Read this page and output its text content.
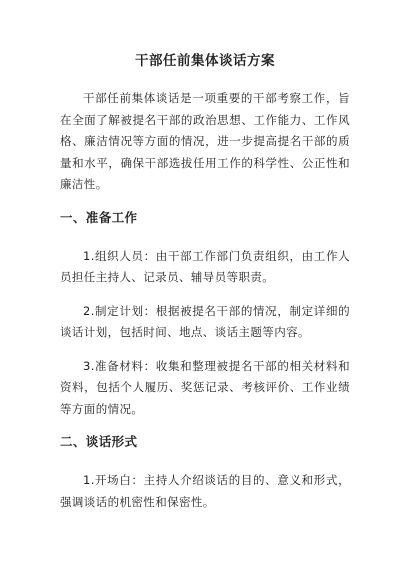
干部任前集体谈话方案

干部任前集体谈话是一项重要的干部考察工作，旨在全面了解被提名干部的政治思想、工作能力、工作风格、廉洁情况等方面的情况，进一步提高提名干部的质量和水平，确保干部选拔任用工作的科学性、公正性和廉洁性。

一、准备工作

1.组织人员：由干部工作部门负责组织，由工作人员担任主持人、记录员、辅导员等职责。

2.制定计划：根据被提名干部的情况，制定详细的谈话计划，包括时间、地点、谈话主题等内容。

3.准备材料：收集和整理被提名干部的相关材料和资料，包括个人履历、奖惩记录、考核评价、工作业绩等方面的情况。

二、谈话形式

1.开场白：主持人介绍谈话的目的、意义和形式，强调谈话的机密性和保密性。
